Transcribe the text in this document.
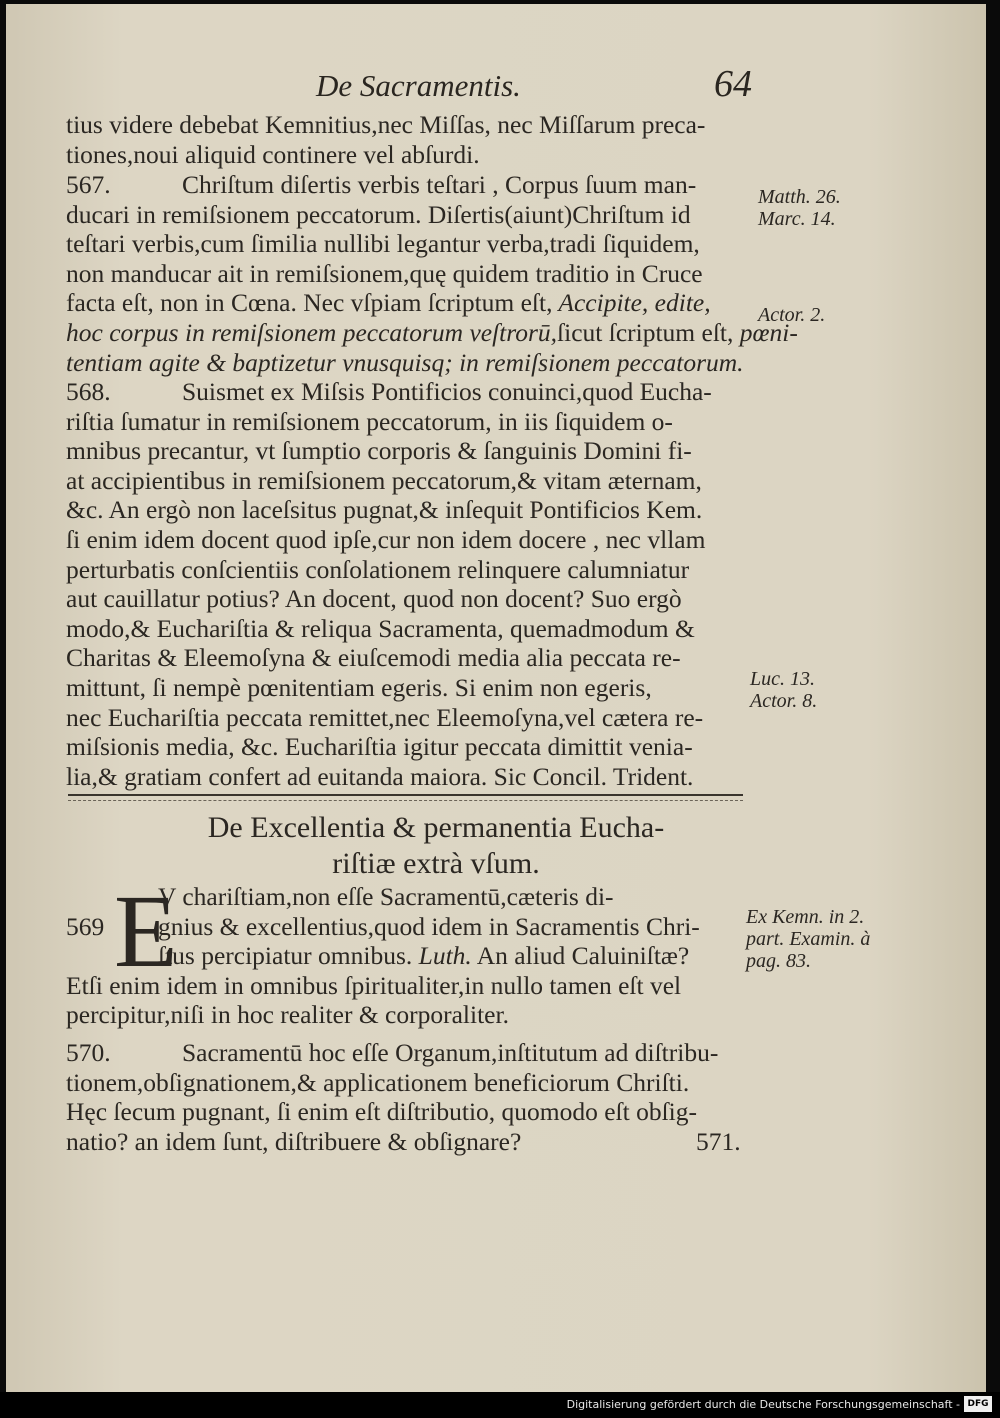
De Sacramentis.	64
tius videre debebat Kemnitius,nec Miſſas, nec Miſſarum preca-
tiones,noui aliquid continere vel abſurdi.
567.	Chriſtum diſertis verbis teſtari , Corpus ſuum man-
ducari in remiſsionem peccatorum. Diſertis(aiunt)Chriſtum id
teſtari verbis,cum ſimilia nullibi legantur verba,tradi ſiquidem,
non manducar ait in remiſsionem,quę quidem traditio in Cruce
facta eſt, non in Cœna. Nec vſpiam ſcriptum eſt, Accipite, edite,
hoc corpus in remiſsionem peccatorum veſtrorū,ſicut ſcriptum eſt, pœni-
tentiam agite & baptizetur vnusquisq; in remiſsionem peccatorum.
568.	Suismet ex Miſsis Pontificios conuinci,quod Eucha-
riſtia ſumatur in remiſsionem peccatorum, in iis ſiquidem o-
mnibus precantur, vt ſumptio corporis & ſanguinis Domini fi-
at accipientibus in remiſsionem peccatorum,& vitam æternam,
&c. An ergò non laceſsitus pugnat,& inſequit Pontificios Kem.
ſi enim idem docent quod ipſe,cur non idem docere , nec vllam
perturbatis conſcientiis conſolationem relinquere calumniatur
aut cauillatur potius? An docent, quod non docent? Suo ergò
modo,& Euchariſtia & reliqua Sacramenta, quemadmodum &
Charitas & Eleemoſyna & eiuſcemodi media alia peccata re-
mittunt, ſi nempè pœnitentiam egeris. Si enim non egeris,
nec Euchariſtia peccata remittet,nec Eleemoſyna,vel cætera re-
miſsionis media, &c. Euchariſtia igitur peccata dimittit venia-
lia,& gratiam confert ad euitanda maiora. Sic Concil. Trident.
De Excellentia & permanentia Eucha-
riſtiæ extrà vſum.
V chariſtiam,non eſſe Sacramentū,cæteris di-
569 gnius & excellentius,quod idem in Sacramentis Chri-
ſtus percipiatur omnibus. Luth. An aliud Caluiniſtæ?
Etſi enim idem in omnibus ſpiritualiter,in nullo tamen eſt vel
percipitur,niſi in hoc realiter & corporaliter.
E
570.	Sacramentū hoc eſſe Organum,inſtitutum ad diſtribu-
tionem,obſignationem,& applicationem beneficiorum Chriſti.
Hęc ſecum pugnant, ſi enim eſt diſtributio, quomodo eſt obſig-
natio? an idem ſunt, diſtribuere & obſignare?	571.
Matth. 26.
Marc. 14.
Actor. 2.
Luc. 13.
Actor. 8.
Ex Kemn. in 2.
part. Examin. à
pag. 83.
Digitalisierung gefördert durch die Deutsche Forschungsgemeinschaft - DFG
